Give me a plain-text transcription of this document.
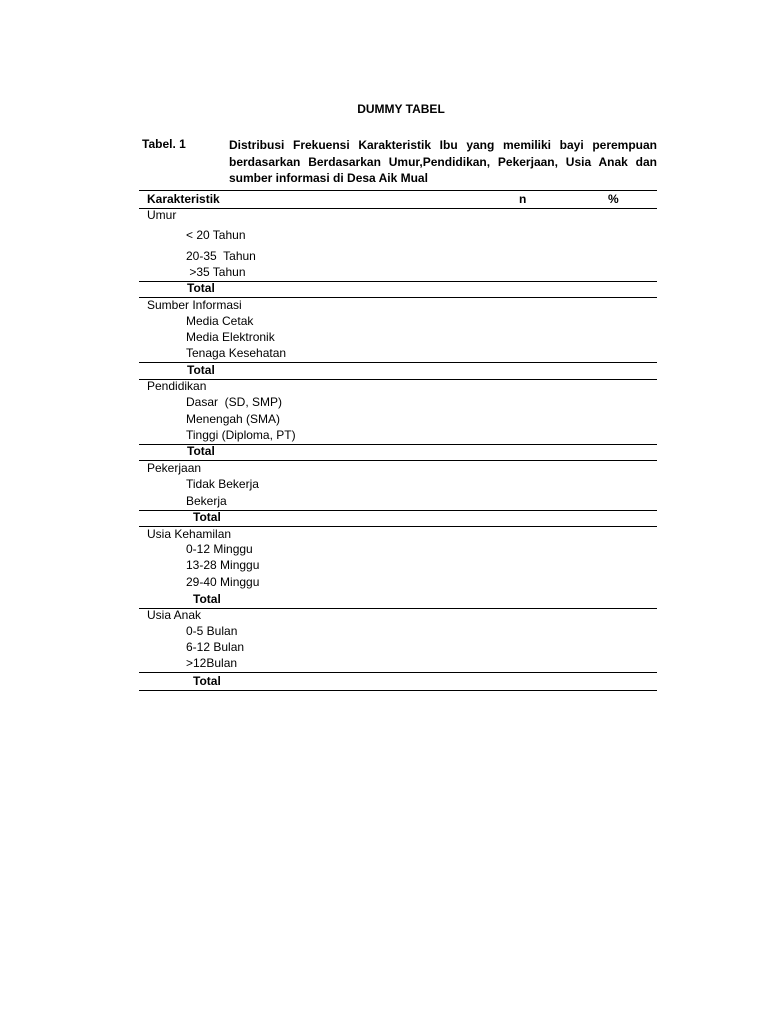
DUMMY TABEL
Tabel. 1	Distribusi Frekuensi Karakteristik Ibu yang memiliki bayi perempuan berdasarkan Berdasarkan Umur,Pendidikan, Pekerjaan, Usia Anak dan sumber informasi di Desa Aik Mual
Karakteristik	n	%
Umur
< 20 Tahun
20-35  Tahun
>35 Tahun
Total
Sumber Informasi
Media Cetak
Media Elektronik
Tenaga Kesehatan
Total
Pendidikan
Dasar  (SD, SMP)
Menengah (SMA)
Tinggi (Diploma, PT)
Total
Pekerjaan
Tidak Bekerja
Bekerja
Total
Usia Kehamilan
0-12 Minggu
13-28 Minggu
29-40 Minggu
Total
Usia Anak
0-5 Bulan
6-12 Bulan
>12Bulan
Total
